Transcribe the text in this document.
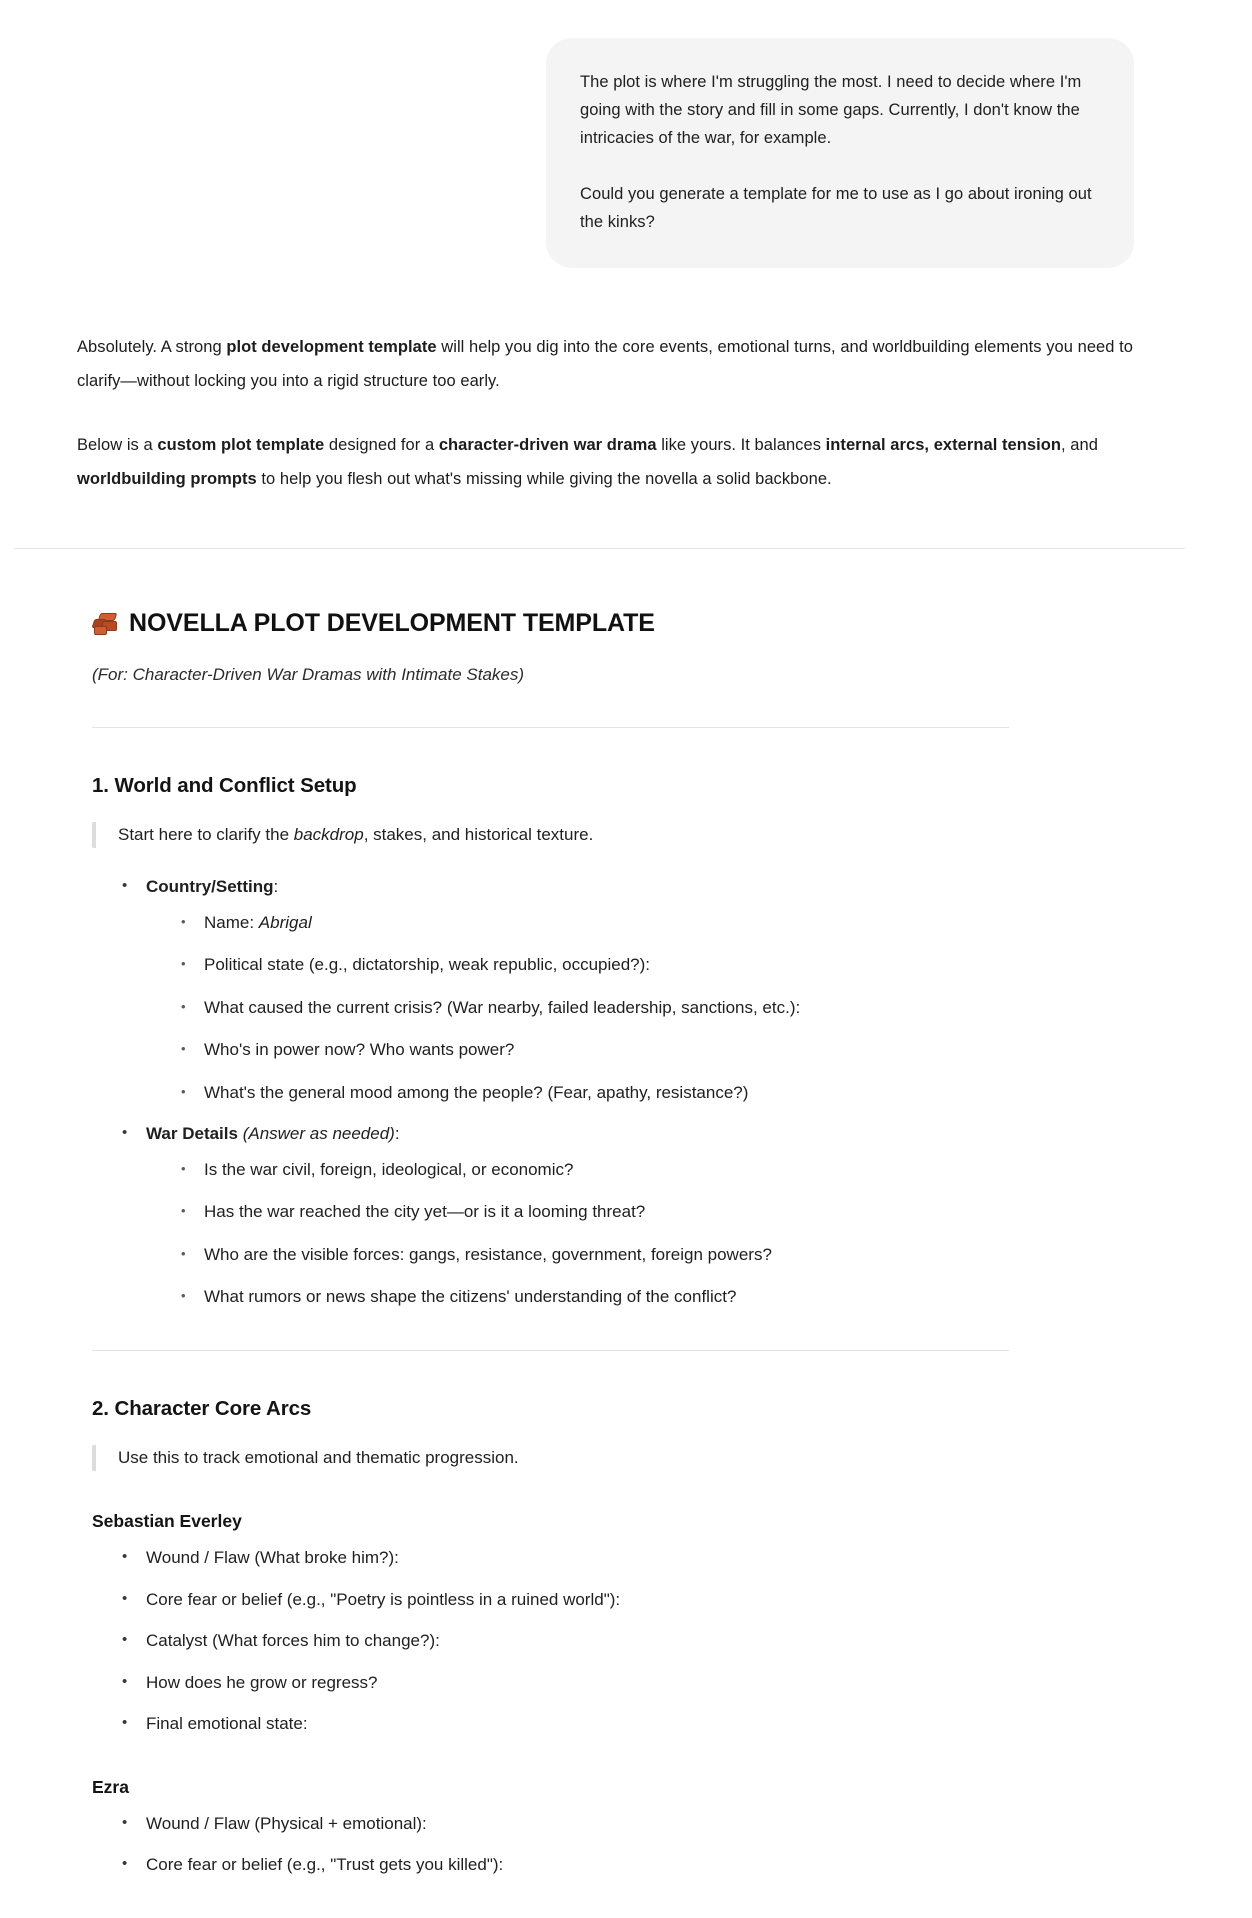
The plot is where I'm struggling the most. I need to decide where I'm going with the story and fill in some gaps. Currently, I don't know the intricacies of the war, for example.

Could you generate a template for me to use as I go about ironing out the kinks?

Absolutely. A strong plot development template will help you dig into the core events, emotional turns, and worldbuilding elements you need to clarify—without locking you into a rigid structure too early.

Below is a custom plot template designed for a character-driven war drama like yours. It balances internal arcs, external tension, and worldbuilding prompts to help you flesh out what's missing while giving the novella a solid backbone.

NOVELLA PLOT DEVELOPMENT TEMPLATE

(For: Character-Driven War Dramas with Intimate Stakes)

1. World and Conflict Setup

Start here to clarify the backdrop, stakes, and historical texture.

• Country/Setting:
• Name: Abrigal
• Political state (e.g., dictatorship, weak republic, occupied?):
• What caused the current crisis? (War nearby, failed leadership, sanctions, etc.):
• Who's in power now? Who wants power?
• What's the general mood among the people? (Fear, apathy, resistance?)
• War Details (Answer as needed):
• Is the war civil, foreign, ideological, or economic?
• Has the war reached the city yet—or is it a looming threat?
• Who are the visible forces: gangs, resistance, government, foreign powers?
• What rumors or news shape the citizens' understanding of the conflict?
2. Character Core Arcs

Use this to track emotional and thematic progression.

Sebastian Everley
• Wound / Flaw (What broke him?):
• Core fear or belief (e.g., "Poetry is pointless in a ruined world"):
• Catalyst (What forces him to change?):
• How does he grow or regress?
• Final emotional state:
Ezra
• Wound / Flaw (Physical + emotional):
• Core fear or belief (e.g., "Trust gets you killed"):
